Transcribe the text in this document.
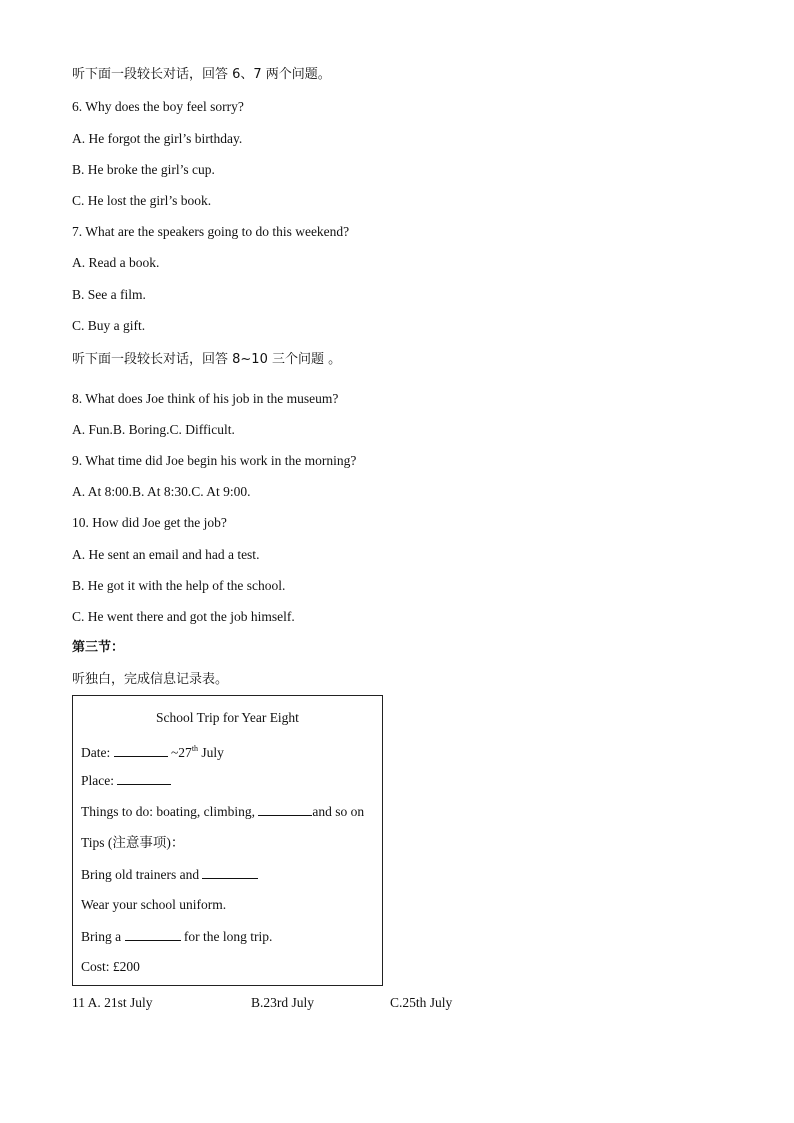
听下面一段较长对话，回答 6、7 两个问题。
6. Why does the boy feel sorry?
A. He forgot the girl’s birthday.
B. He broke the girl’s cup.
C. He lost the girl’s book.
7. What are the speakers going to do this weekend?
A. Read a book.
B. See a film.
C. Buy a gift.
听下面一段较长对话，回答 8~10 三个问题 。
8. What does Joe think of his job in the museum?
A. Fun.B. Boring.C. Difficult.
9. What time did Joe begin his work in the morning?
A. At 8:00.B. At 8:30.C. At 9:00.
10. How did Joe get the job?
A. He sent an email and had a test.
B. He got it with the help of the school.
C. He went there and got the job himself.
第三节：
听独白，完成信息记录表。
School Trip for Year Eight
Date:	~27th July
Place:
Things to do: boating, climbing,	and so on
Tips (注意事项)：
Bring old trainers and
Wear your school uniform.
Bring a	for the long trip.
Cost: £200
11 A. 21st July	B.23rd July	C.25th July
